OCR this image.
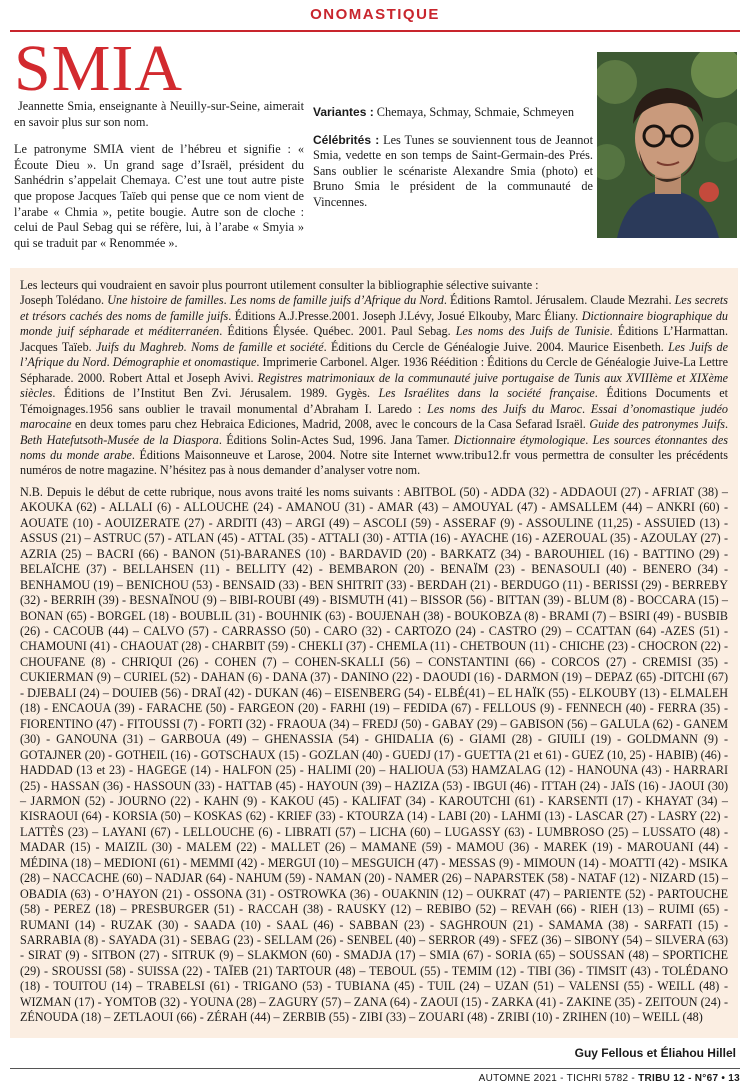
ONOMASTIQUE
SMIA

Jeannette Smia, enseignante à Neuilly-sur-Seine, aimerait en savoir plus sur son nom.

Le patronyme SMIA vient de l’hébreu et signifie : « Écoute Dieu ». Un grand sage d’Israël, président du Sanhédrin s’appelait Chemaya. C’est une tout autre piste que propose Jacques Taïeb qui pense que ce nom vient de l’arabe « Chmia », petite bougie. Autre son de cloche : celui de Paul Sebag qui se réfère, lui, à l’arabe « Smyia » qui se traduit par « Renommée ».

Variantes : Chemaya, Schmay, Schmaie, Schmeyen

Célébrités : Les Tunes se souviennent tous de Jeannot Smia, vedette en son temps de Saint-Germain-des Prés. Sans oublier le scénariste Alexandre Smia (photo) et Bruno Smia le président de la communauté de Vincennes.

Les lecteurs qui voudraient en savoir plus pourront utilement consulter la bibliographie sélective suivante :
Joseph Tolédano. Une histoire de familles. Les noms de famille juifs d’Afrique du Nord. Éditions Ramtol. Jérusalem. Claude Mezrahi. Les secrets et trésors cachés des noms de famille juifs. Éditions A.J.Presse.2001. Joseph J.Lévy, Josué Elkouby, Marc Éliany. Dictionnaire biographique du monde juif sépharade et méditerranéen. Éditions Élysée. Québec. 2001. Paul Sebag. Les noms des Juifs de Tunisie. Éditions L’Harmattan. Jacques Taïeb. Juifs du Maghreb. Noms de famille et société. Éditions du Cercle de Généalogie Juive. 2004. Maurice Eisenbeth. Les Juifs de l’Afrique du Nord. Démographie et onomastique. Imprimerie Carbonel. Alger. 1936 Réédition : Éditions du Cercle de Généalogie Juive-La Lettre Sépharade. 2000. Robert Attal et Joseph Avivi. Registres matrimoniaux de la communauté juive portugaise de Tunis aux XVIIIème et XIXème siècles. Éditions de l’Institut Ben Zvi. Jérusalem. 1989. Gygès. Les Israélites dans la société française. Éditions Documents et Témoignages.1956 sans oublier le travail monumental d’Abraham I. Laredo : Les noms des Juifs du Maroc. Essai d’onomastique judéo marocaine en deux tomes paru chez Hebraica Ediciones, Madrid, 2008, avec le concours de la Casa Sefarad Israël. Guide des patronymes Juifs. Beth Hatefutsoth-Musée de la Diaspora. Éditions Solin-Actes Sud, 1996. Jana Tamer. Dictionnaire étymologique. Les sources étonnantes des noms du monde arabe. Éditions Maisonneuve et Larose, 2004. Notre site Internet www.tribu12.fr vous permettra de consulter les précédents numéros de notre magazine. N’hésitez pas à nous demander d’analyser votre nom.

N.B. Depuis le début de cette rubrique, nous avons traité les noms suivants : ABITBOL (50) - ADDA (32) - ADDAOUI (27) - AFRIAT (38) – AKOUKA (62) - ALLALI (6) - ALLOUCHE (24) - AMANOU (31) - AMAR (43) – AMOUYAL (47) - AMSALLEM (44) – ANKRI (60) - AOUATE (10) - AOUIZERATE (27) - ARDITI (43) – ARGI (49) – ASCOLI (59) - ASSERAF (9) - ASSOULINE (11,25) - ASSUIED (13) - ASSUS (21) – ASTRUC (57) - ATLAN (45) - ATTAL (35) - ATTALI (30) - ATTIA (16) - AYACHE (16) - AZEROUAL (35) - AZOULAY (27) - AZRIA (25) – BACRI (66) - BANON (51)-BARANES (10) - BARDAVID (20) - BARKATZ (34) - BAROUHIEL (16) - BATTINO (29) - BELAÏCHE (37) - BELLAHSEN (11) - BELLITY (42) - BEMBARON (20) - BENAÏM (23) - BENASOULI (40) - BENERO (34) - BENHAMOU (19) – BENICHOU (53) - BENSAID (33) - BEN SHITRIT (33) - BERDAH (21) - BERDUGO (11) - BERISSI (29) - BERREBY (32) - BERRIH (39) - BESNAÏNOU (9) – BIBI-ROUBI (49) - BISMUTH (41) – BISSOR (56) - BITTAN (39) - BLUM (8) - BOCCARA (15) – BONAN (65) - BORGEL (18) - BOUBLIL (31) - BOUHNIK (63) - BOUJENAH (38) - BOUKOBZA (8) - BRAMI (7) – BSIRI (49) - BUSBIB (26) - CACOUB (44) – CALVO (57) - CARRASSO (50) - CARO (32) - CARTOZO (24) - CASTRO (29) – CCATTAN (64) -AZES (51) - CHAMOUNI (41) - CHAOUAT (28) - CHARBIT (59) - CHEKLI (37) - CHEMLA (11) - CHETBOUN (11) - CHICHE (23) - CHOCRON (22) - CHOUFANE (8) - CHRIQUI (26) - COHEN (7) – COHEN-SKALLI (56) – CONSTANTINI (66) - CORCOS (27) - CREMISI (35) - CUKIERMAN (9) – CURIEL (52) - DAHAN (6) - DANA (37) - DANINO (22) - DAOUDI (16) - DARMON (19) – DEPAZ (65) -DITCHI (67) - DJEBALI (24) – DOUIEB (56) - DRAÏ (42) - DUKAN (46) – EISENBERG (54) - ELBÉ(41) – EL HAÏK (55) - ELKOUBY (13) - ELMALEH (18) - ENCAOUA (39) - FARACHE (50) - FARGEON (20) - FARHI (19) – FEDIDA (67) - FELLOUS (9) - FENNECH (40) - FERRA (35) - FIORENTINO (47) - FITOUSSI (7) - FORTI (32) - FRAOUA (34) – FREDJ (50) - GABAY (29) – GABISON (56) – GALULA (62) - GANEM (30) - GANOUNA (31) – GARBOUA (49) – GHENASSIA (54) - GHIDALIA (6) - GIAMI (28) - GIUILI (19) - GOLDMANN (9) - GOTAJNER (20) - GOTHEIL (16) - GOTSCHAUX (15) - GOZLAN (40) - GUEDJ (17) - GUETTA (21 et 61) - GUEZ (10, 25) - HABIB) (46) - HADDAD (13 et 23) - HAGEGE (14) - HALFON (25) - HALIMI (20) – HALIOUA (53) HAMZALAG (12) - HANOUNA (43) - HARRARI (25) - HASSAN (36) - HASSOUN (33) - HATTAB (45) - HAYOUN (39) – HAZIZA (53) - IBGUI (46) - ITTAH (24) - JAÏS (16) - JAOUI (30) – JARMON (52) - JOURNO (22) - KAHN (9) - KAKOU (45) - KALIFAT (34) - KAROUTCHI (61) - KARSENTI (17) - KHAYAT (34) – KISRAOUI (64) - KORSIA (50) – KOSKAS (62) - KRIEF (33) - KTOURZA (14) - LABI (20) - LAHMI (13) - LASCAR (27) - LASRY (22) - LATTÈS (23) – LAYANI (67) - LELLOUCHE (6) - LIBRATI (57) – LICHA (60) – LUGASSY (63) - LUMBROSO (25) – LUSSATO (48) - MADAR (15) - MAIZIL (30) - MALEM (22) - MALLET (26) – MAMANE (59) - MAMOU (36) - MAREK (19) - MAROUANI (44) - MÉDINA (18) – MEDIONI (61) - MEMMI (42) - MERGUI (10) – MESGUICH (47) - MESSAS (9) - MIMOUN (14) - MOATTI (42) - MSIKA (28) – NACCACHE (60) – NADJAR (64) - NAHUM (59) - NAMAN (20) - NAMER (26) – NAPARSTEK (58) - NATAF (12) - NIZARD (15) – OBADIA (63) - O’HAYON (21) - OSSONA (31) - OSTROWKA (36) - OUAKNIN (12) – OUKRAT (47) – PARIENTE (52) - PARTOUCHE (58) - PEREZ (18) – PRESBURGER (51) - RACCAH (38) - RAUSKY (12) – REBIBO (52) – REVAH (66) - RIEH (13) – RUIMI (65) - RUMANI (14) - RUZAK (30) - SAADA (10) - SAAL (46) - SABBAN (23) - SAGHROUN (21) - SAMAMA (38) - SARFATI (15) - SARRABIA (8) - SAYADA (31) - SEBAG (23) - SELLAM (26) - SENBEL (40) – SERROR (49) - SFEZ (36) – SIBONY (54) – SILVERA (63) - SIRAT (9) - SITBON (27) - SITRUK (9) – SLAKMON (60) - SMADJA (17) – SMIA (67) - SORIA (65) – SOUSSAN (48) – SPORTICHE (29) - SROUSSI (58) - SUISSA (22) - TAÏEB (21) TARTOUR (48) – TEBOUL (55) - TEMIM (12) - TIBI (36) - TIMSIT (43) - TOLÉDANO (18) - TOUITOU (14) – TRABELSI (61) - TRIGANO (53) - TUBIANA (45) - TUIL (24) – UZAN (51) – VALENSI (55) - WEILL (48) - WIZMAN (17) - YOMTOB (32) - YOUNA (28) – ZAGURY (57) – ZANA (64) - ZAOUI (15) - ZARKA (41) - ZAKINE (35) - ZEITOUN (24) - ZÉNOUDA (18) – ZETLAOUI (66) - ZÉRAH (44) – ZERBIB (55) - ZIBI (33) – ZOUARI (48) - ZRIBI (10) - ZRIHEN (10) – WEILL (48)

Guy Fellous et Éliahou Hillel
AUTOMNE 2021 - TICHRI 5782 - TRIBU 12 - N°67 • 13
